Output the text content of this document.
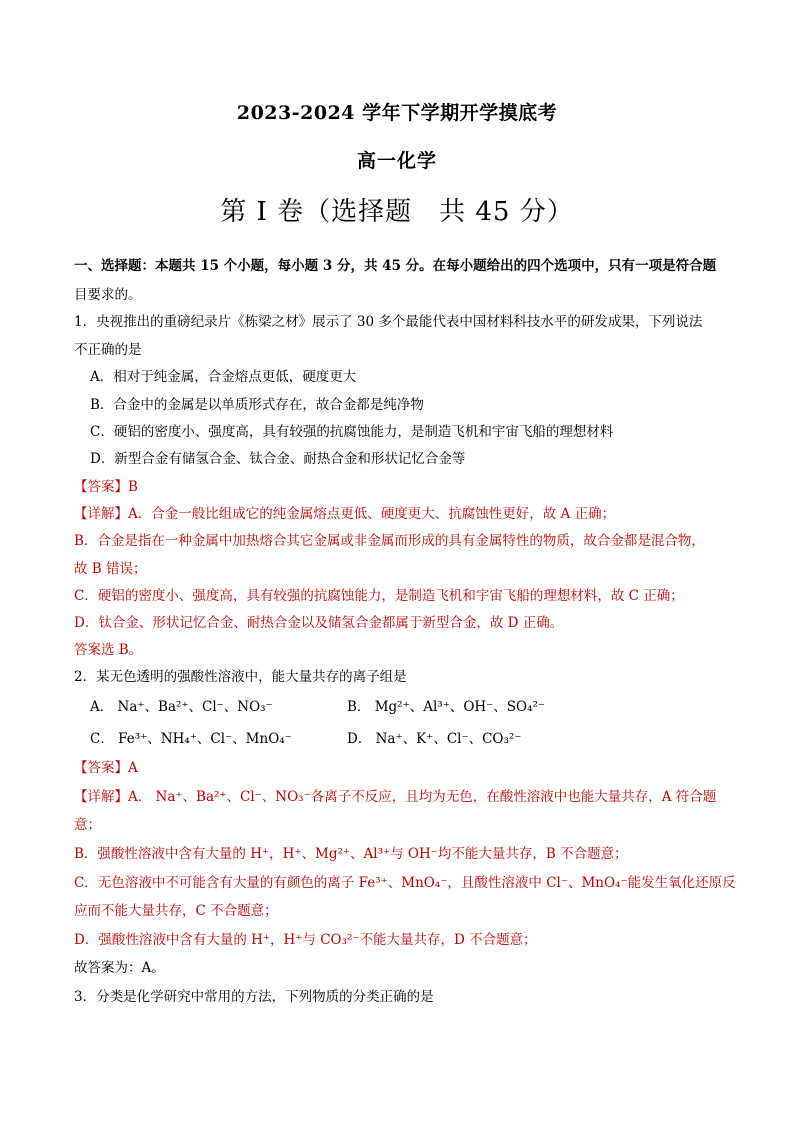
2023-2024 学年下学期开学摸底考
高一化学
第 I 卷（选择题　共 45 分）
一、选择题：本题共 15 个小题，每小题 3 分，共 45 分。在每小题给出的四个选项中，只有一项是符合题
目要求的。
1．央视推出的重磅纪录片《栋梁之材》展示了 30 多个最能代表中国材料科技水平的研发成果，下列说法
不正确的是
A．相对于纯金属，合金熔点更低，硬度更大
B．合金中的金属是以单质形式存在，故合金都是纯净物
C．硬铝的密度小、强度高，具有较强的抗腐蚀能力，是制造飞机和宇宙飞船的理想材料
D．新型合金有储氢合金、钛合金、耐热合金和形状记忆合金等
【答案】B
【详解】A．合金一般比组成它的纯金属熔点更低、硬度更大、抗腐蚀性更好，故 A 正确；
B．合金是指在一种金属中加热熔合其它金属或非金属而形成的具有金属特性的物质，故合金都是混合物，
故 B 错误；
C．硬铝的密度小、强度高，具有较强的抗腐蚀能力，是制造飞机和宇宙飞船的理想材料，故 C 正确；
D．钛合金、形状记忆合金、耐热合金以及储氢合金都属于新型合金，故 D 正确。
答案选 B。
2．某无色透明的强酸性溶液中，能大量共存的离子组是
A． Na⁺、Ba²⁺、Cl⁻、NO₃⁻	B． Mg²⁺、Al³⁺、OH⁻、SO₄²⁻
C． Fe³⁺、NH₄⁺、Cl⁻、MnO₄⁻	D． Na⁺、K⁺、Cl⁻、CO₃²⁻
【答案】A
【详解】A． Na⁺、Ba²⁺、Cl⁻、NO₃⁻各离子不反应，且均为无色，在酸性溶液中也能大量共存，A 符合题
意；
B．强酸性溶液中含有大量的 H⁺，H⁺、Mg²⁺、Al³⁺与 OH⁻均不能大量共存，B 不合题意；
C．无色溶液中不可能含有大量的有颜色的离子 Fe³⁺、MnO₄⁻，且酸性溶液中 Cl⁻、MnO₄⁻能发生氧化还原反
应而不能大量共存，C 不合题意；
D．强酸性溶液中含有大量的 H⁺，H⁺与 CO₃²⁻不能大量共存，D 不合题意；
故答案为：A。
3．分类是化学研究中常用的方法，下列物质的分类正确的是
